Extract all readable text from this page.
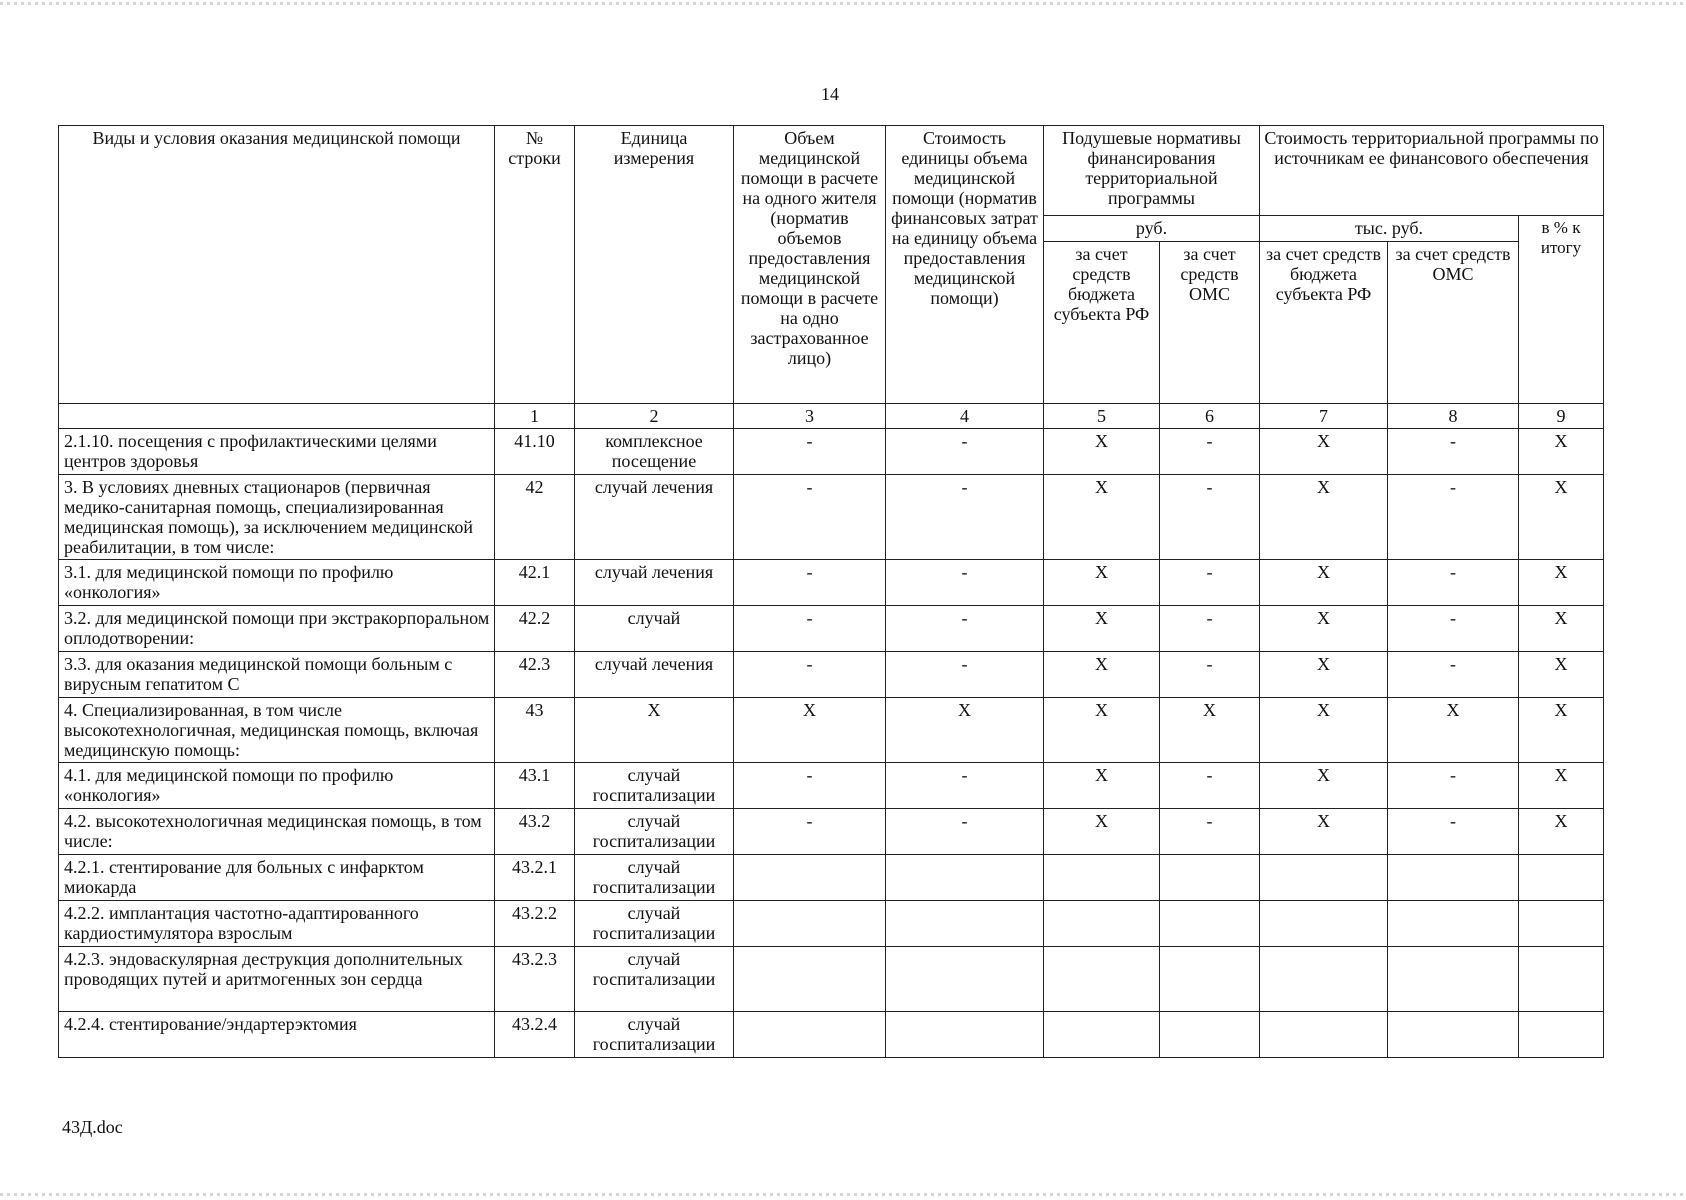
14
Виды и условия оказания медицинской помощи	№ строки	Единица измерения	Объем медицинской помощи в расчете на одного жителя (норматив объемов предоставления медицинской помощи в расчете на одно застрахованное лицо)	Стоимость единицы объема медицинской помощи (норматив финансовых затрат на единицу объема предоставления медицинской помощи)	Подушевые нормативы финансирования территориальной программы		Стоимость территориальной программы по источникам ее финансового обеспечения		
					руб.		тыс. руб.		в % к итогу
					за счет средств бюджета субъекта РФ	за счет средств ОМС	за счет средств бюджета субъекта РФ	за счет средств ОМС	
	1	2	3	4	5	6	7	8	9
2.1.10. посещения с профилактическими целями центров здоровья	41.10	комплексное посещение	-	-	X	-	X	-	X
3. В условиях дневных стационаров (первичная медико-санитарная помощь, специализированная медицинская помощь), за исключением медицинской реабилитации, в том числе:	42	случай лечения	-	-	X	-	X	-	X
3.1. для медицинской помощи по профилю «онкология»	42.1	случай лечения	-	-	X	-	X	-	X
3.2. для медицинской помощи при экстракорпоральном оплодотворении:	42.2	случай	-	-	X	-	X	-	X
3.3. для оказания медицинской помощи больным с вирусным гепатитом С	42.3	случай лечения	-	-	X	-	X	-	X
4. Специализированная, в том числе высокотехнологичная, медицинская помощь, включая медицинскую помощь:	43	X	X	X	X	X	X	X	X
4.1. для медицинской помощи по профилю «онкология»	43.1	случай госпитализации	-	-	X	-	X	-	X
4.2. высокотехнологичная медицинская помощь, в том числе:	43.2	случай госпитализации	-	-	X	-	X	-	X
4.2.1. стентирование для больных с инфарктом миокарда	43.2.1	случай госпитализации							
4.2.2. имплантация частотно-адаптированного кардиостимулятора взрослым	43.2.2	случай госпитализации							
4.2.3. эндоваскулярная деструкция дополнительных проводящих путей и аритмогенных зон сердца	43.2.3	случай госпитализации							
4.2.4. стентирование/эндартерэктомия	43.2.4	случай госпитализации							
43Д.doc
